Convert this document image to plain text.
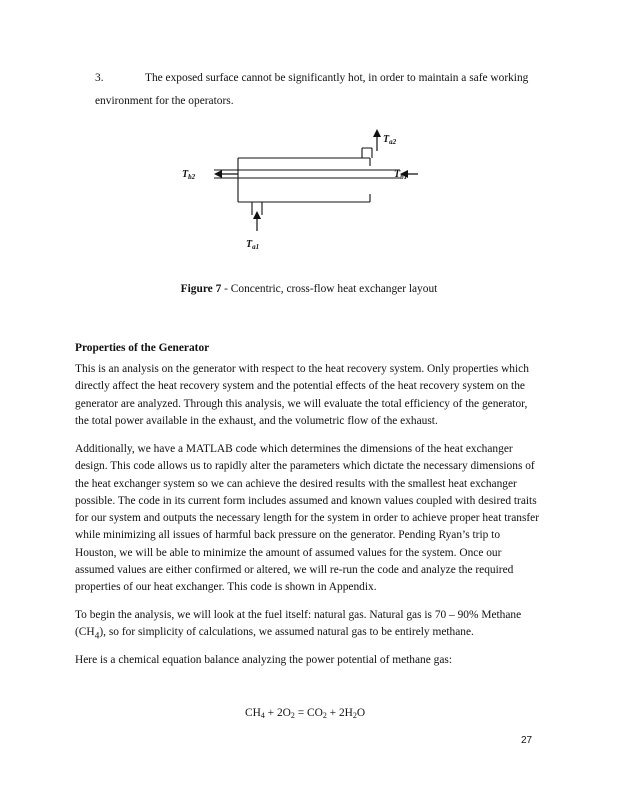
3.	The exposed surface cannot be significantly hot, in order to maintain a safe working environment for the operators.
$T_{a2}$
$T_{b2}$	$T_{b1}$
$T_{a1}$
Figure 7 - Concentric, cross-flow heat exchanger layout
Properties of the Generator
This is an analysis on the generator with respect to the heat recovery system. Only properties which directly affect the heat recovery system and the potential effects of the heat recovery system on the generator are analyzed. Through this analysis, we will evaluate the total efficiency of the generator, the total power available in the exhaust, and the volumetric flow of the exhaust.
Additionally, we have a MATLAB code which determines the dimensions of the heat exchanger design. This code allows us to rapidly alter the parameters which dictate the necessary dimensions of the heat exchanger system so we can achieve the desired results with the smallest heat exchanger possible. The code in its current form includes assumed and known values coupled with desired traits for our system and outputs the necessary length for the system in order to achieve proper heat transfer while minimizing all issues of harmful back pressure on the generator. Pending Ryan’s trip to Houston, we will be able to minimize the amount of assumed values for the system. Once our assumed values are either confirmed or altered, we will re-run the code and analyze the required properties of our heat exchanger. This code is shown in Appendix.
To begin the analysis, we will look at the fuel itself: natural gas. Natural gas is 70 – 90% Methane $(CH_4)$, so for simplicity of calculations, we assumed natural gas to be entirely methane.
Here is a chemical equation balance analyzing the power potential of methane gas:
$CH_4 + 2O_2 = CO_2 + 2H_2O$
27
